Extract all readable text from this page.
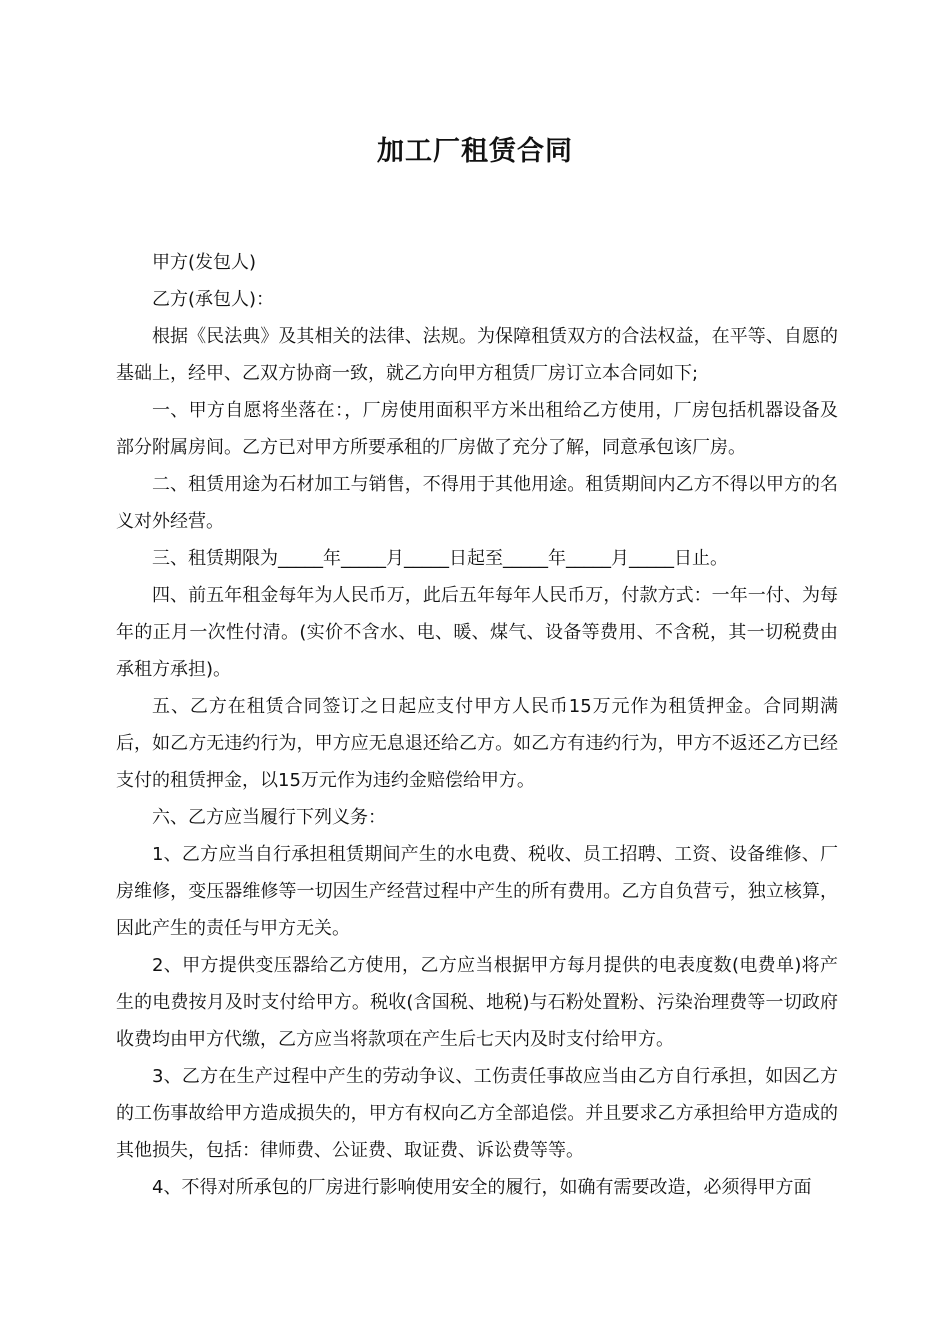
加工厂租赁合同

甲方(发包人)

乙方(承包人)：

根据《民法典》及其相关的法律、法规。为保障租赁双方的合法权益，在平等、自愿的基础上，经甲、乙双方协商一致，就乙方向甲方租赁厂房订立本合同如下;

一、甲方自愿将坐落在：，厂房使用面积平方米出租给乙方使用，厂房包括机器设备及部分附属房间。乙方已对甲方所要承租的厂房做了充分了解，同意承包该厂房。

二、租赁用途为石材加工与销售，不得用于其他用途。租赁期间内乙方不得以甲方的名义对外经营。

三、租赁期限为_____年_____月_____日起至_____年_____月_____日止。

四、前五年租金每年为人民币万，此后五年每年人民币万，付款方式：一年一付、为每年的正月一次性付清。(实价不含水、电、暖、煤气、设备等费用、不含税，其一切税费由承租方承担)。

五、乙方在租赁合同签订之日起应支付甲方人民币15万元作为租赁押金。合同期满后，如乙方无违约行为，甲方应无息退还给乙方。如乙方有违约行为，甲方不返还乙方已经支付的租赁押金，以15万元作为违约金赔偿给甲方。

六、乙方应当履行下列义务：

1、乙方应当自行承担租赁期间产生的水电费、税收、员工招聘、工资、设备维修、厂房维修，变压器维修等一切因生产经营过程中产生的所有费用。乙方自负营亏，独立核算，因此产生的责任与甲方无关。

2、甲方提供变压器给乙方使用，乙方应当根据甲方每月提供的电表度数(电费单)将产生的电费按月及时支付给甲方。税收(含国税、地税)与石粉处置粉、污染治理费等一切政府收费均由甲方代缴，乙方应当将款项在产生后七天内及时支付给甲方。

3、乙方在生产过程中产生的劳动争议、工伤责任事故应当由乙方自行承担，如因乙方的工伤事故给甲方造成损失的，甲方有权向乙方全部追偿。并且要求乙方承担给甲方造成的其他损失，包括：律师费、公证费、取证费、诉讼费等等。

4、不得对所承包的厂房进行影响使用安全的履行，如确有需要改造，必须得甲方面
